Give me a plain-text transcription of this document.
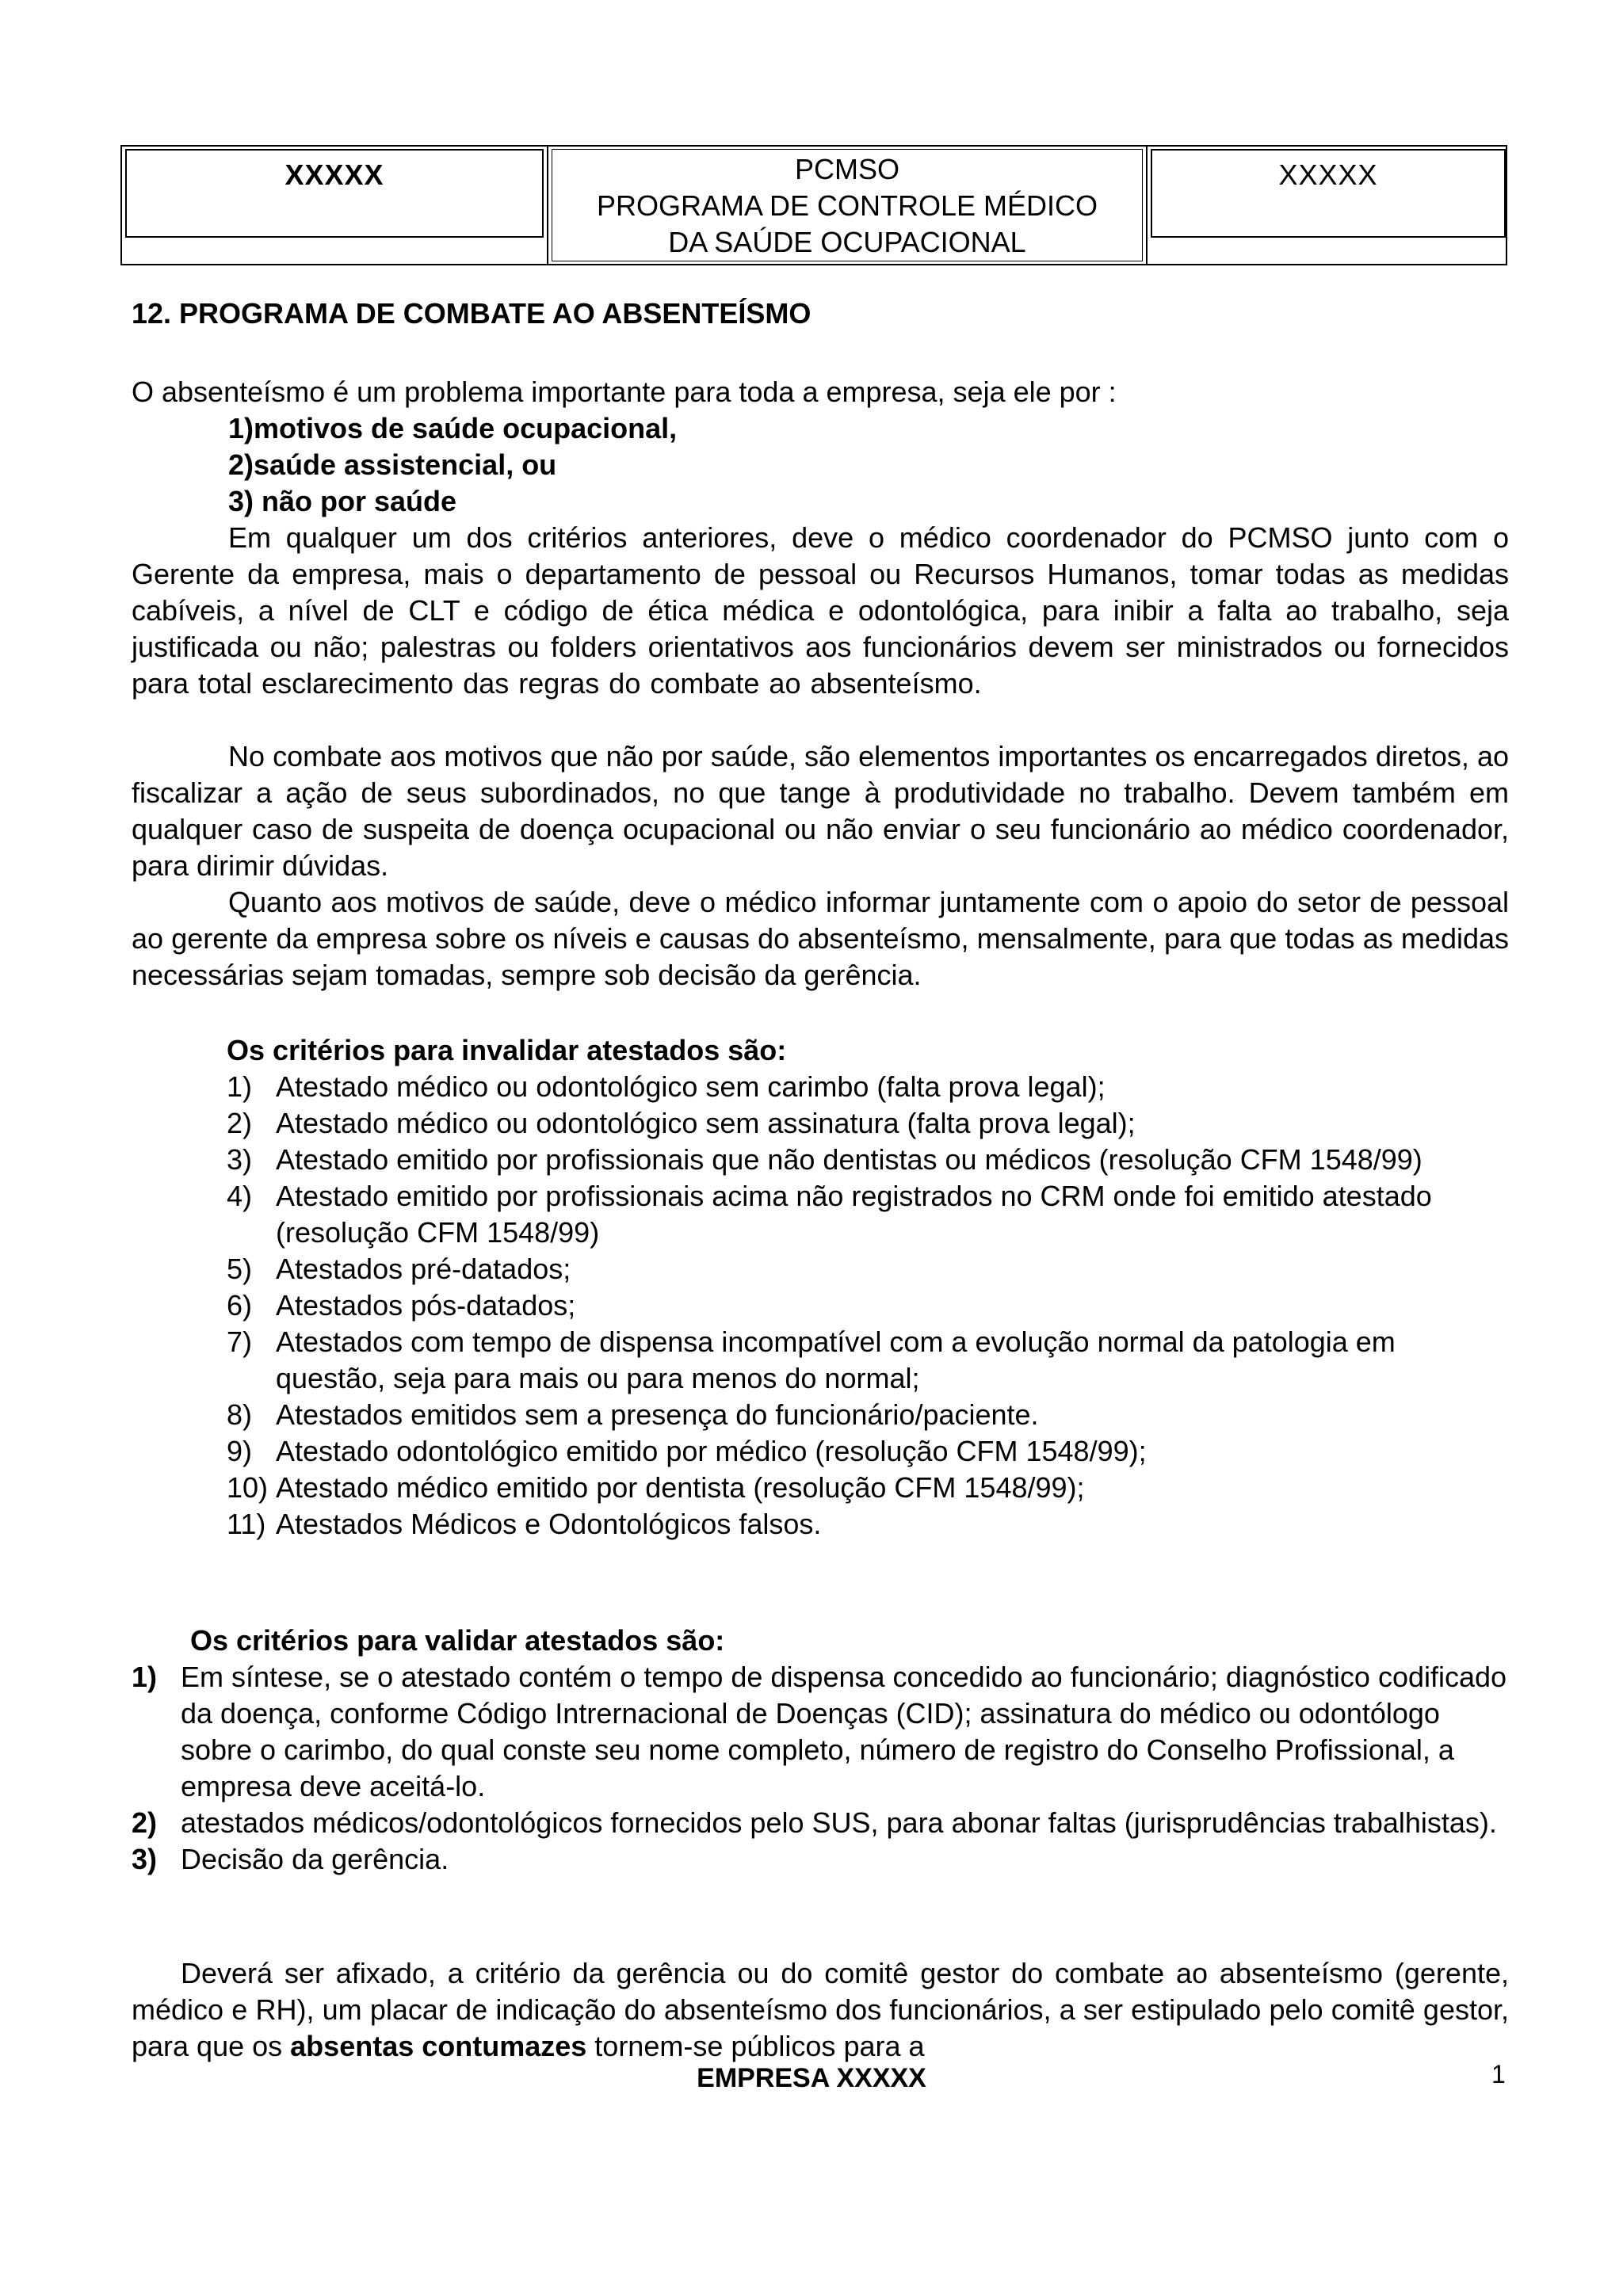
XXXXX	PCMSO
PROGRAMA DE CONTROLE MÉDICO
DA SAÚDE OCUPACIONAL
XXXXX
12. PROGRAMA DE COMBATE AO ABSENTEÍSMO
O absenteísmo é um problema importante para toda a empresa, seja ele por :
1)motivos de saúde ocupacional,
2)saúde assistencial, ou
3) não por saúde
Em qualquer um dos critérios anteriores, deve o médico coordenador do PCMSO junto com o Gerente da empresa, mais o departamento de pessoal ou Recursos Humanos, tomar todas as medidas cabíveis, a nível de CLT e código de ética médica e odontológica, para inibir a falta ao trabalho, seja justificada ou não; palestras ou folders orientativos aos funcionários devem ser ministrados ou fornecidos para total esclarecimento das regras do combate ao absenteísmo.
No combate aos motivos que não por saúde, são elementos importantes os encarregados diretos, ao fiscalizar a ação de seus subordinados, no que tange à produtividade no trabalho. Devem também em qualquer caso de suspeita de doença ocupacional ou não enviar o seu funcionário ao médico coordenador, para dirimir dúvidas.
Quanto aos motivos de saúde, deve o médico informar juntamente com o apoio do setor de pessoal ao gerente da empresa sobre os níveis e causas do absenteísmo, mensalmente, para que todas as medidas necessárias sejam tomadas, sempre sob decisão da gerência.
Os critérios para invalidar atestados são:
1) Atestado médico ou odontológico sem carimbo (falta prova legal);
2) Atestado médico ou odontológico sem assinatura (falta prova legal);
3) Atestado emitido por profissionais que não dentistas ou médicos (resolução CFM 1548/99)
4) Atestado emitido por profissionais acima não registrados no CRM onde foi emitido atestado (resolução CFM 1548/99)
5) Atestados pré-datados;
6) Atestados pós-datados;
7) Atestados com tempo de dispensa incompatível com a evolução normal da patologia em questão, seja para mais ou para menos do normal;
8) Atestados emitidos sem a presença do funcionário/paciente.
9) Atestado odontológico emitido por médico (resolução CFM 1548/99);
10) Atestado médico emitido por dentista (resolução CFM 1548/99);
11) Atestados Médicos e Odontológicos falsos.
Os critérios para validar atestados são:
1) Em síntese, se o atestado contém o tempo de dispensa concedido ao funcionário; diagnóstico codificado da doença, conforme Código Intrernacional de Doenças (CID); assinatura do médico ou odontólogo sobre o carimbo, do qual conste seu nome completo, número de registro do Conselho Profissional, a empresa deve aceitá-lo.
2) atestados médicos/odontológicos fornecidos pelo SUS, para abonar faltas (jurisprudências trabalhistas).
3) Decisão da gerência.
Deverá ser afixado, a critério da gerência ou do comitê gestor do combate ao absenteísmo (gerente, médico e RH), um placar de indicação do absenteísmo dos funcionários, a ser estipulado pelo comitê gestor, para que os absentas contumazes tornem-se públicos para a
EMPRESA XXXXX	1
